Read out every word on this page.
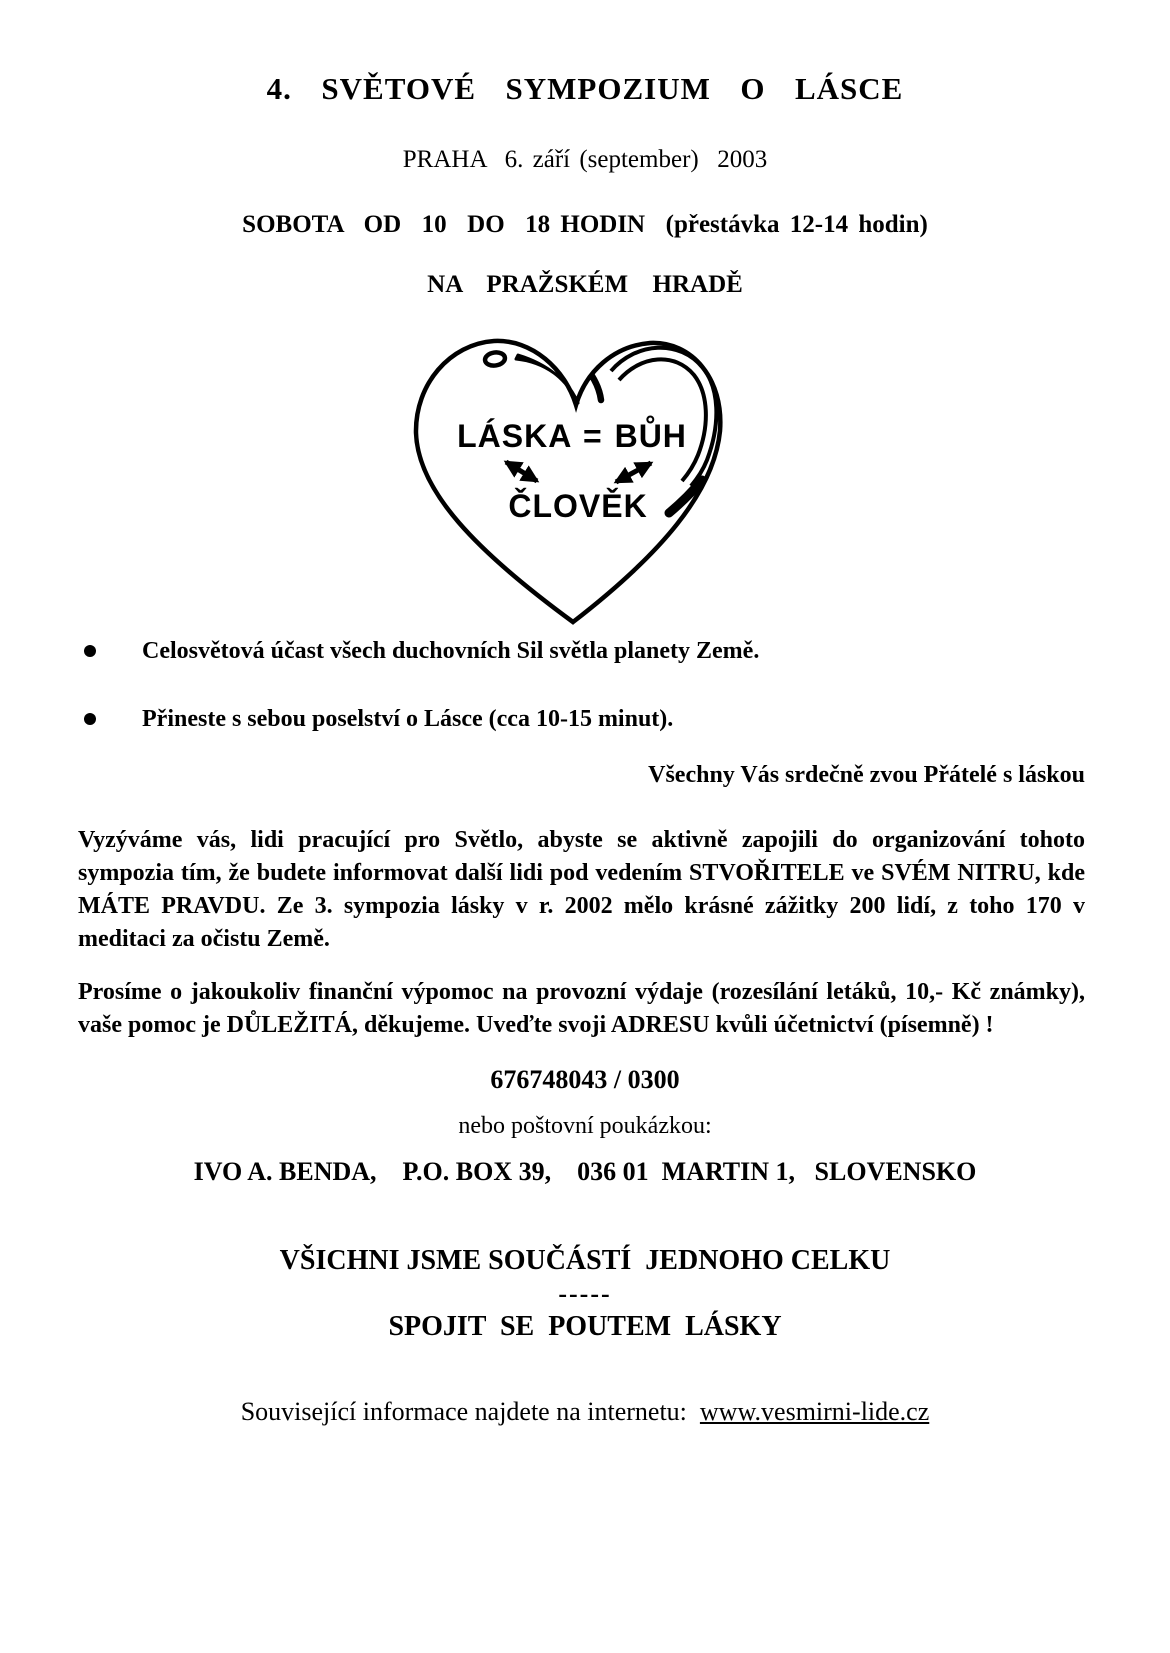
4.  SVĚTOVÉ  SYMPOZIUM  O  LÁSCE
PRAHA  6. září (september)  2003
SOBOTA  OD  10  DO  18 HODIN  (přestávka 12-14 hodin)
NA  PRAŽSKÉM  HRADĚ
LÁSKA = BŮH
ČLOVĚK
Celosvětová účast všech duchovních Sil světla planety Země.
Přineste s sebou poselství o Lásce (cca 10-15 minut).
Všechny Vás srdečně zvou Přátelé s láskou
Vyzýváme vás, lidi pracující pro Světlo, abyste se aktivně zapojili do organizování tohoto sympozia tím, že budete informovat další lidi pod vedením STVOŘITELE ve SVÉM NITRU, kde MÁTE PRAVDU. Ze 3. sympozia lásky v r. 2002 mělo krásné zážitky 200 lidí, z toho 170 v meditaci za očistu Země.
Prosíme o jakoukoliv finanční výpomoc na provozní výdaje (rozesílání letáků, 10,- Kč známky), vaše pomoc je DŮLEŽITÁ, děkujeme. Uveďte svoji ADRESU kvůli účetnictví (písemně) !
676748043 / 0300
nebo poštovní poukázkou:
IVO A. BENDA,    P.O. BOX 39,    036 01  MARTIN 1,   SLOVENSKO
VŠICHNI JSME SOUČÁSTÍ  JEDNOHO CELKU
-----
SPOJIT  SE  POUTEM  LÁSKY
Související informace najdete na internetu:  www.vesmirni-lide.cz
